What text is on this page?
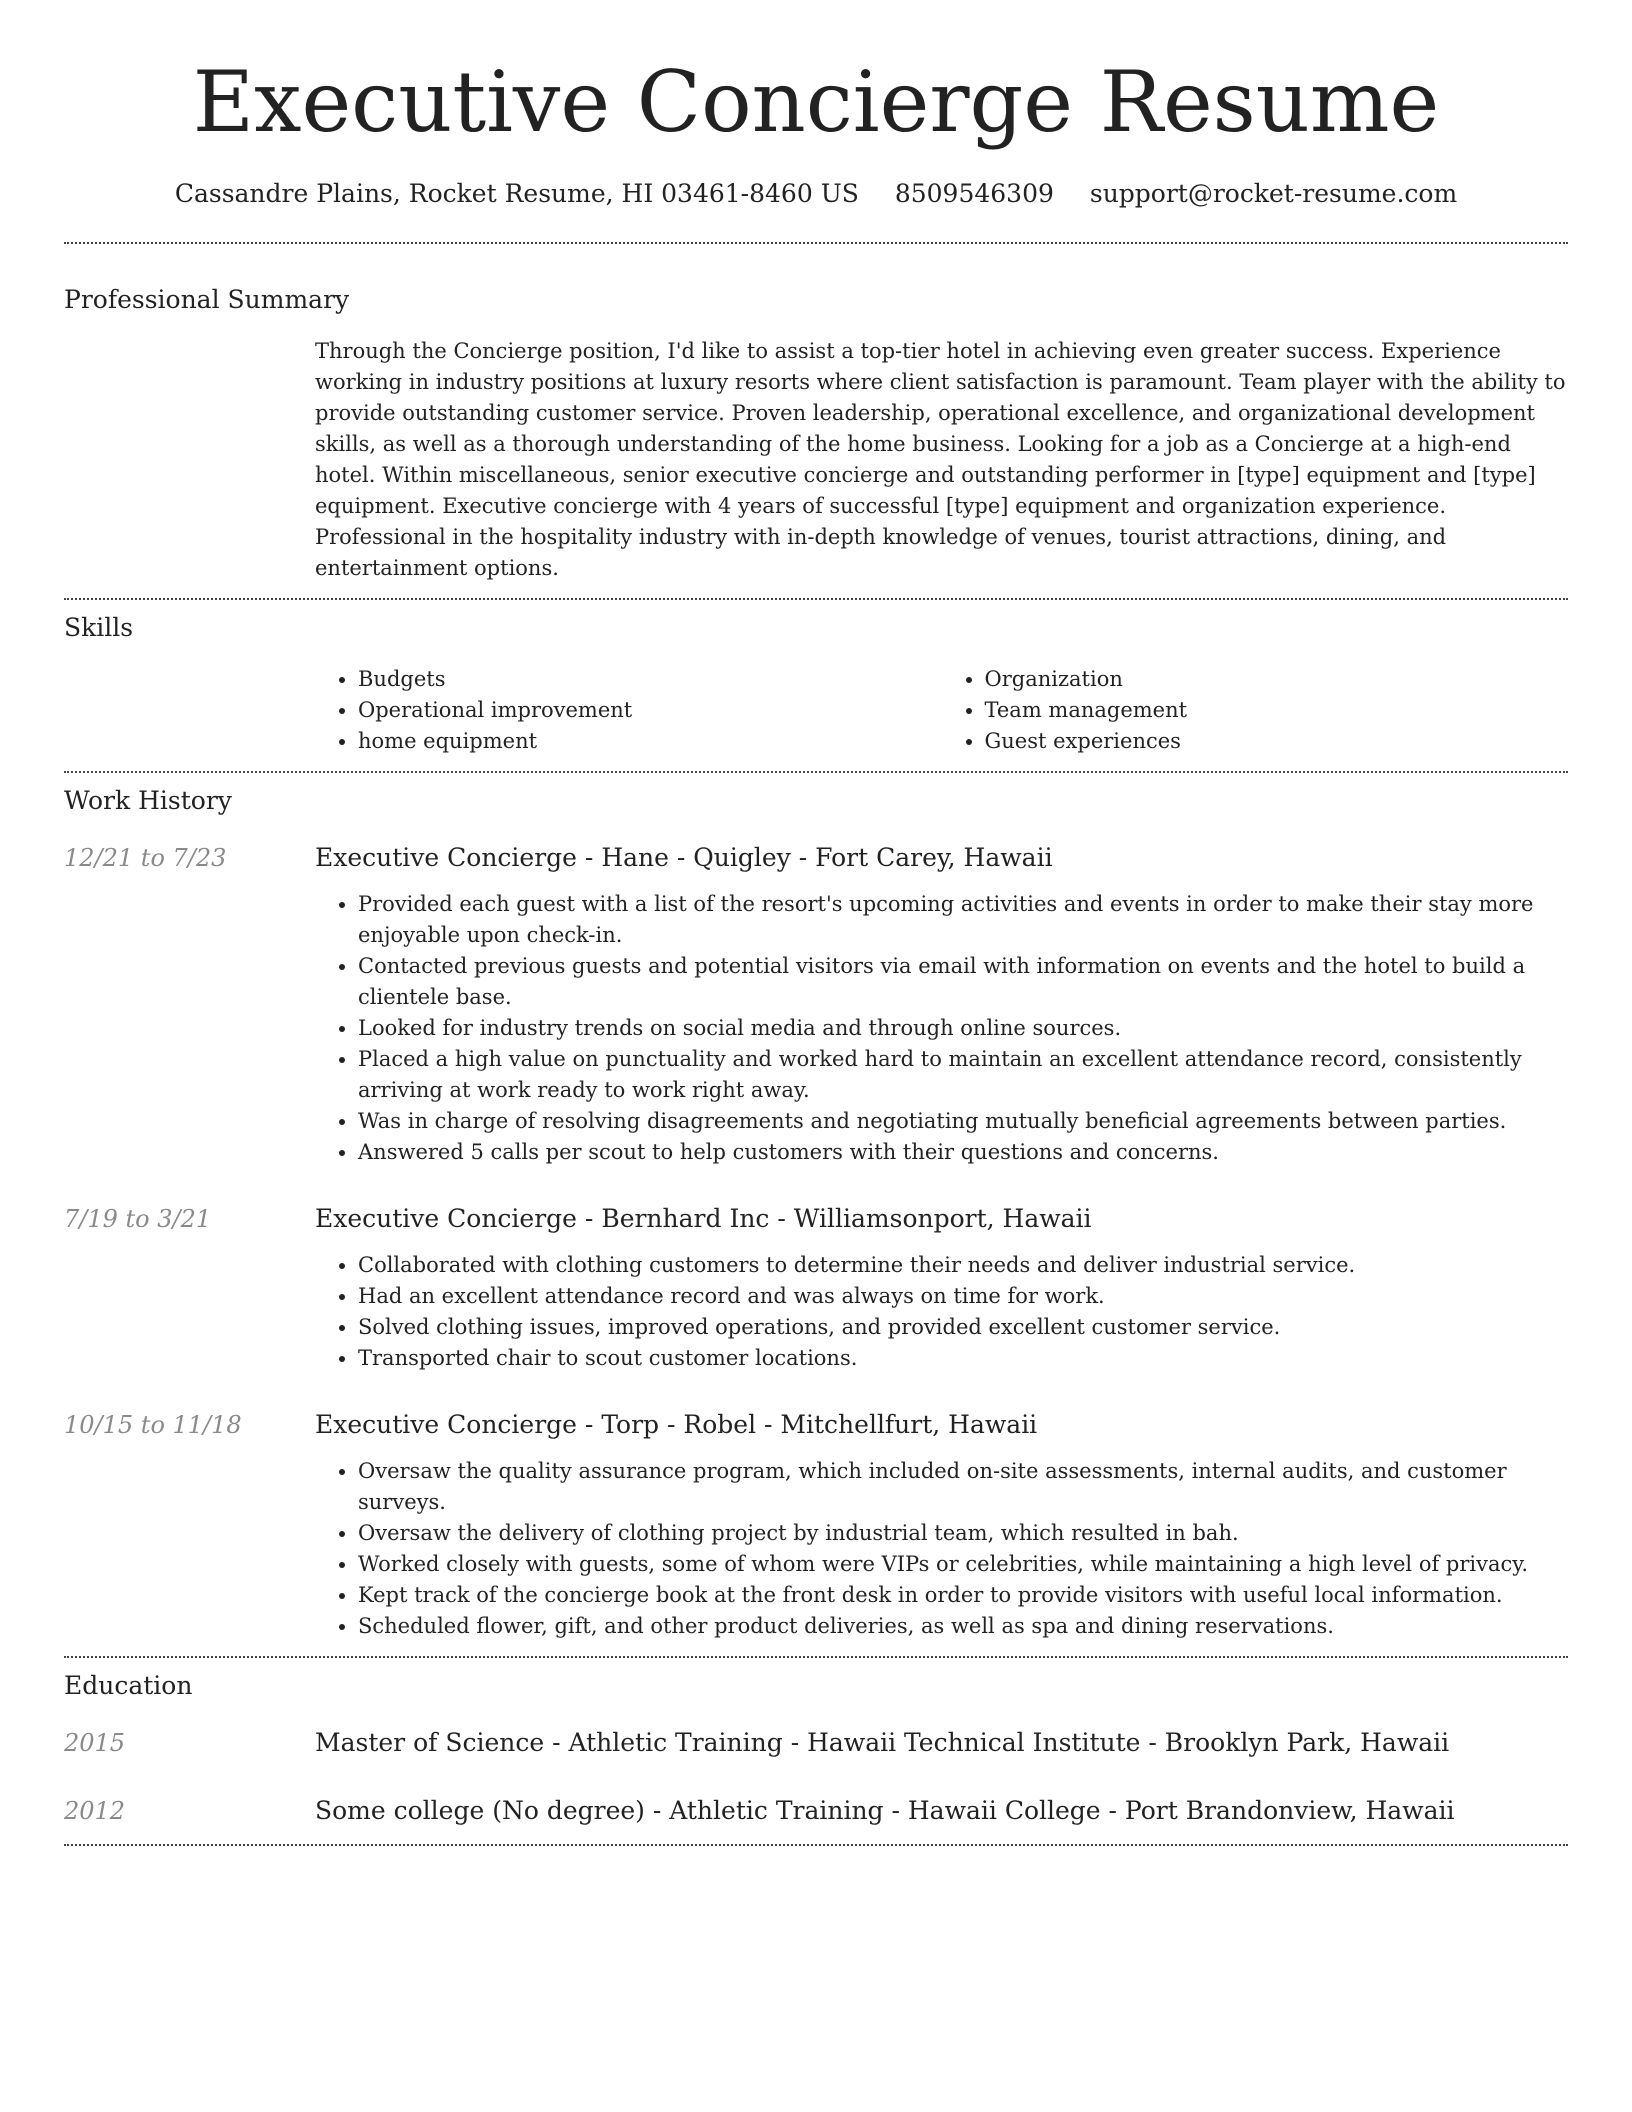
Executive Concierge Resume
Cassandre Plains, Rocket Resume, HI 03461-8460 US 8509546309 support@rocket-resume.com
Professional Summary

Through the Concierge position, I'd like to assist a top-tier hotel in achieving even greater success. Experience working in industry positions at luxury resorts where client satisfaction is paramount. Team player with the ability to provide outstanding customer service. Proven leadership, operational excellence, and organizational development skills, as well as a thorough understanding of the home business. Looking for a job as a Concierge at a high-end hotel. Within miscellaneous, senior executive concierge and outstanding performer in [type] equipment and [type] equipment. Executive concierge with 4 years of successful [type] equipment and organization experience. Professional in the hospitality industry with in-depth knowledge of venues, tourist attractions, dining, and entertainment options.

Skills
• Budgets
• Operational improvement
• home equipment
• Organization
• Team management
• Guest experiences
Work History
12/21 to 7/23	Executive Concierge - Hane - Quigley - Fort Carey, Hawaii
• Provided each guest with a list of the resort's upcoming activities and events in order to make their stay more enjoyable upon check-in.
• Contacted previous guests and potential visitors via email with information on events and the hotel to build a clientele base.
• Looked for industry trends on social media and through online sources.
• Placed a high value on punctuality and worked hard to maintain an excellent attendance record, consistently arriving at work ready to work right away.
• Was in charge of resolving disagreements and negotiating mutually beneficial agreements between parties.
• Answered 5 calls per scout to help customers with their questions and concerns.
7/19 to 3/21	Executive Concierge - Bernhard Inc - Williamsonport, Hawaii
• Collaborated with clothing customers to determine their needs and deliver industrial service.
• Had an excellent attendance record and was always on time for work.
• Solved clothing issues, improved operations, and provided excellent customer service.
• Transported chair to scout customer locations.
10/15 to 11/18	Executive Concierge - Torp - Robel - Mitchellfurt, Hawaii
• Oversaw the quality assurance program, which included on-site assessments, internal audits, and customer surveys.
• Oversaw the delivery of clothing project by industrial team, which resulted in bah.
• Worked closely with guests, some of whom were VIPs or celebrities, while maintaining a high level of privacy.
• Kept track of the concierge book at the front desk in order to provide visitors with useful local information.
• Scheduled flower, gift, and other product deliveries, as well as spa and dining reservations.
Education
2015	Master of Science - Athletic Training - Hawaii Technical Institute - Brooklyn Park, Hawaii
2012	Some college (No degree) - Athletic Training - Hawaii College - Port Brandonview, Hawaii
